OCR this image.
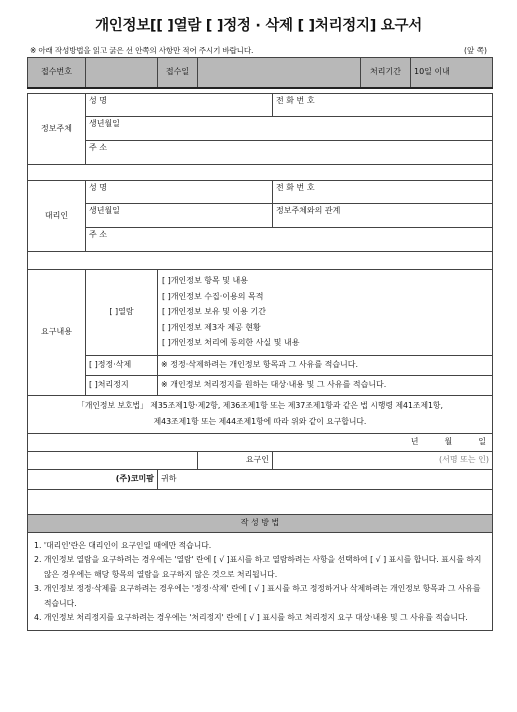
개인정보[[ ]열람 [ ]정정 · 삭제 [ ]처리정지] 요구서
※ 아래 작성방법을 읽고 굵은 선 안쪽의 사항만 적어 주시기 바랍니다.	(앞 쪽)
접수번호		접수일			처리기간	10일 이내

정보주체	성 명			전 화 번 호		
	생년월일					
	주 소					

대리인	성 명			전 화 번 호		
	생년월일			정보주체와의 관계		
	주 소					

요구내용	[ ]열람	[ ]개인정보 항목 및 내용
[ ]개인정보 수집·이용의 목적
[ ]개인정보 보유 및 이용 기간
[ ]개인정보 제3자 제공 현황
[ ]개인정보 처리에 동의한 사실 및 내용				

	[ ]정정·삭제	※ 정정·삭제하려는 개인정보 항목과 그 사유를 적습니다.				
	[ ]처리정지	※ 개인정보 처리정지를 원하는 대상·내용 및 그 사유를 적습니다.				

「개인정보 보호법」 제35조제1항·제2항, 제36조제1항 또는 제37조제1항과 같은 법 시행령 제41조제1항,
제43조제1항 또는 제44조제1항에 따라 위와 같이 요구합니다.						

년 월 일						
			요구인	(서명 또는 인)		
(주)코미팜		귀하				

작 성 방 법						

1. '대리인'란은 대리인이 요구인일 때에만 적습니다.
2. 개인정보 열람을 요구하려는 경우에는 '열람' 란에 [ √ ]표시를 하고 열람하려는 사항을 선택하여 [ √ ] 표시를 합니다. 표시를 하지 않은 경우에는 해당 항목의 열람을 요구하지 않은 것으로 처리됩니다.
3. 개인정보 정정·삭제를 요구하려는 경우에는 '정정·삭제' 란에 [ √ ] 표시를 하고 정정하거나 삭제하려는 개인정보 항목과 그 사유를 적습니다.
4. 개인정보 처리정지를 요구하려는 경우에는 '처리정지' 란에 [ √ ] 표시를 하고 처리정지 요구 대상·내용 및 그 사유를 적습니다.						
